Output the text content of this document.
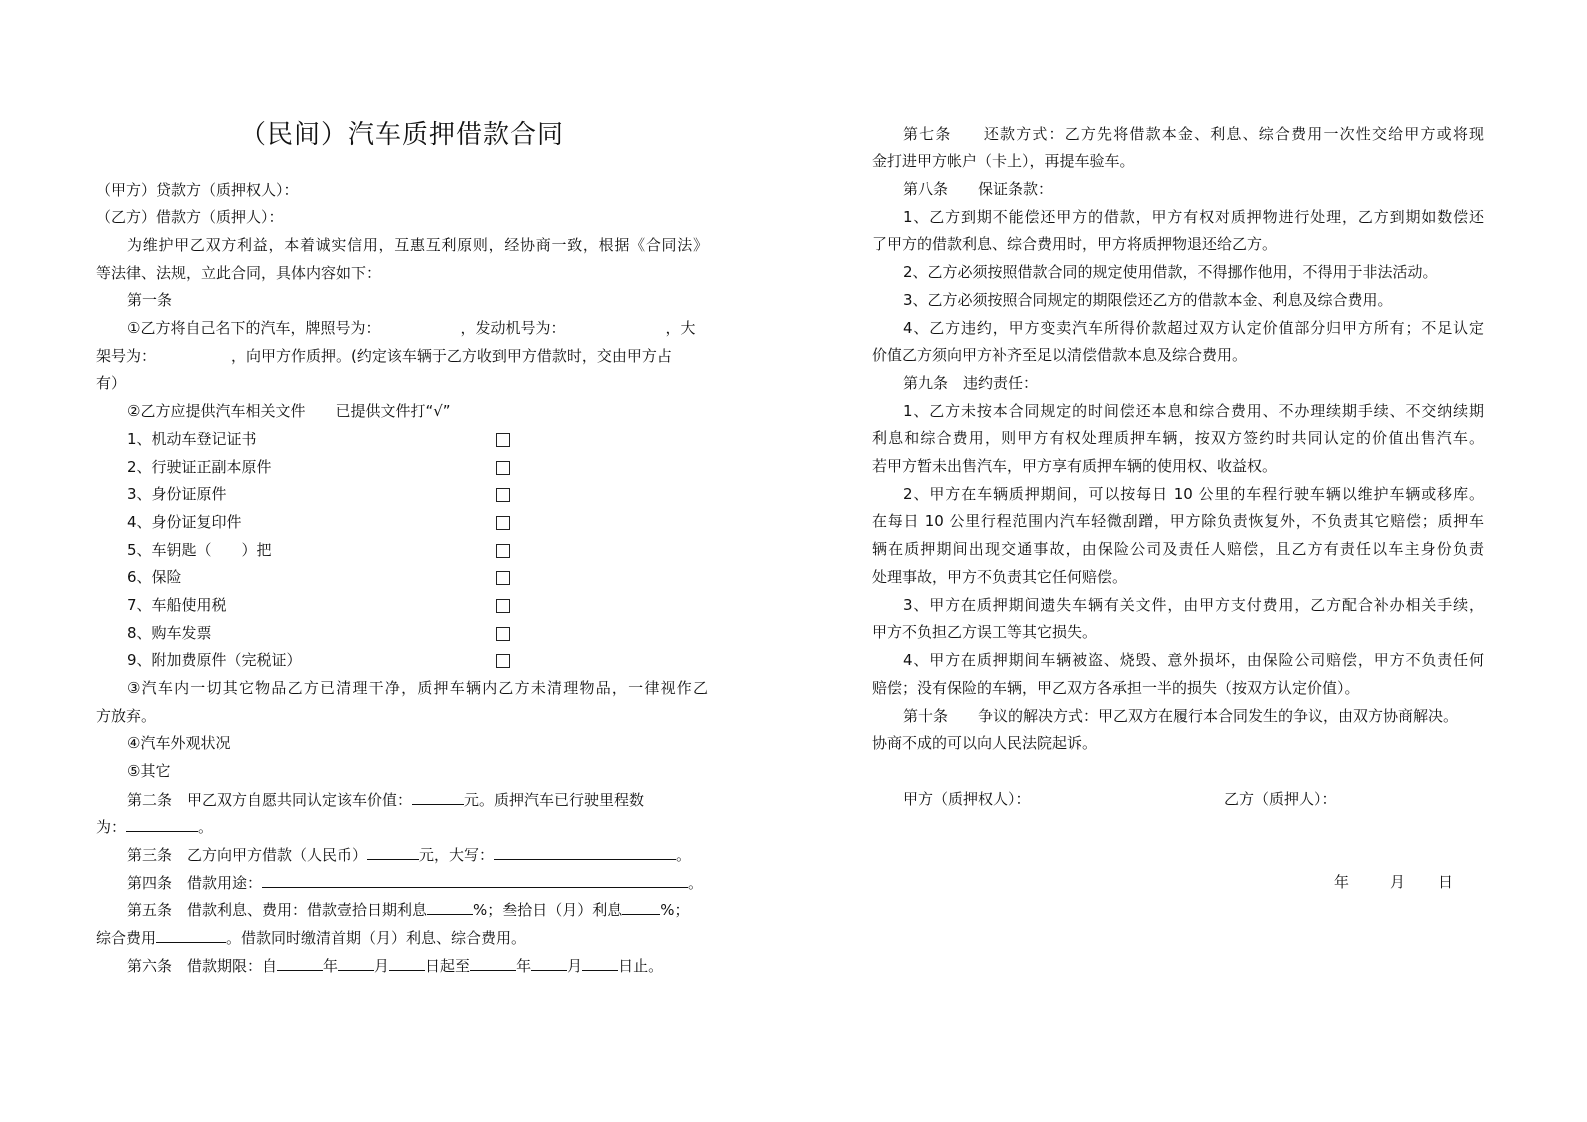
（民间）汽车质押借款合同
（甲方）贷款方（质押权人）：
（乙方）借款方（质押人）：
为维护甲乙双方利益，本着诚实信用，互惠互利原则，经协商一致，根据《合同法》
等法律、法规，立此合同，具体内容如下：
第一条
①乙方将自己名下的汽车，牌照号为：	，发动机号为：	，大
架号为：	，向甲方作质押。(约定该车辆于乙方收到甲方借款时，交由甲方占
有）
②乙方应提供汽车相关文件　　已提供文件打“√”
1、机动车登记证书
2、行驶证正副本原件
3、身份证原件
4、身份证复印件
5、车钥匙（　　）把
6、保险
7、车船使用税
8、购车发票
9、附加费原件（完税证）
③汽车内一切其它物品乙方已清理干净，质押车辆内乙方未清理物品，一律视作乙
方放弃。
④汽车外观状况
⑤其它
第二条　甲乙双方自愿共同认定该车价值：	元。质押汽车已行驶里程数
为：	。
第三条　乙方向甲方借款（人民币）	元，大写：	。
第四条　借款用途：	。
第五条　借款利息、费用：借款壹拾日期利息	%；叁拾日（月）利息	%；
综合费用	。借款同时缴清首期（月）利息、综合费用。
第六条　借款期限：自	年 月 日起至	年 月 日止。
第七条　　还款方式：乙方先将借款本金、利息、综合费用一次性交给甲方或将现
金打进甲方帐户（卡上），再提车验车。
第八条　　保证条款：
1、乙方到期不能偿还甲方的借款，甲方有权对质押物进行处理，乙方到期如数偿还
了甲方的借款利息、综合费用时，甲方将质押物退还给乙方。
2、乙方必须按照借款合同的规定使用借款，不得挪作他用，不得用于非法活动。
3、乙方必须按照合同规定的期限偿还乙方的借款本金、利息及综合费用。
4、乙方违约，甲方变卖汽车所得价款超过双方认定价值部分归甲方所有；不足认定
价值乙方须向甲方补齐至足以清偿借款本息及综合费用。
第九条　违约责任：
1、乙方未按本合同规定的时间偿还本息和综合费用、不办理续期手续、不交纳续期
利息和综合费用，则甲方有权处理质押车辆，按双方签约时共同认定的价值出售汽车。
若甲方暂未出售汽车，甲方享有质押车辆的使用权、收益权。
2、甲方在车辆质押期间，可以按每日 10 公里的车程行驶车辆以维护车辆或移库。
在每日 10 公里行程范围内汽车轻微刮蹭，甲方除负责恢复外，不负责其它赔偿；质押车
辆在质押期间出现交通事故，由保险公司及责任人赔偿，且乙方有责任以车主身份负责
处理事故，甲方不负责其它任何赔偿。
3、甲方在质押期间遗失车辆有关文件，由甲方支付费用，乙方配合补办相关手续，
甲方不负担乙方误工等其它损失。
4、甲方在质押期间车辆被盗、烧毁、意外损坏，由保险公司赔偿，甲方不负责任何
赔偿；没有保险的车辆，甲乙双方各承担一半的损失（按双方认定价值）。
第十条　　争议的解决方式：甲乙双方在履行本合同发生的争议，由双方协商解决。
协商不成的可以向人民法院起诉。
甲方（质押权人）：	乙方（质押人）：
年	月	日
